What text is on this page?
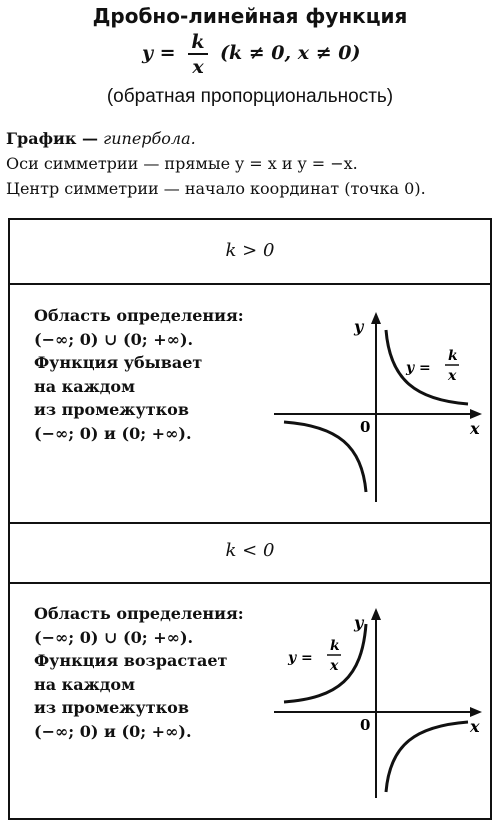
Дробно-линейная функция
y = k
x
(k ≠ 0, x ≠ 0)
(обратная пропорциональность)
График — гипербола.
Оси симметрии — прямые y = x и y = −x.
Центр симметрии — начало координат (точка 0).
k > 0
Область определения:
(−∞; 0) ∪ (0; +∞).
Функция убывает
на каждом
из промежутков
(−∞; 0) и (0; +∞).
y
x
0
y =
k
x
k < 0
Область определения:
(−∞; 0) ∪ (0; +∞).
Функция возрастает
на каждом
из промежутков
(−∞; 0) и (0; +∞).
y
x
0
y =
k
x
